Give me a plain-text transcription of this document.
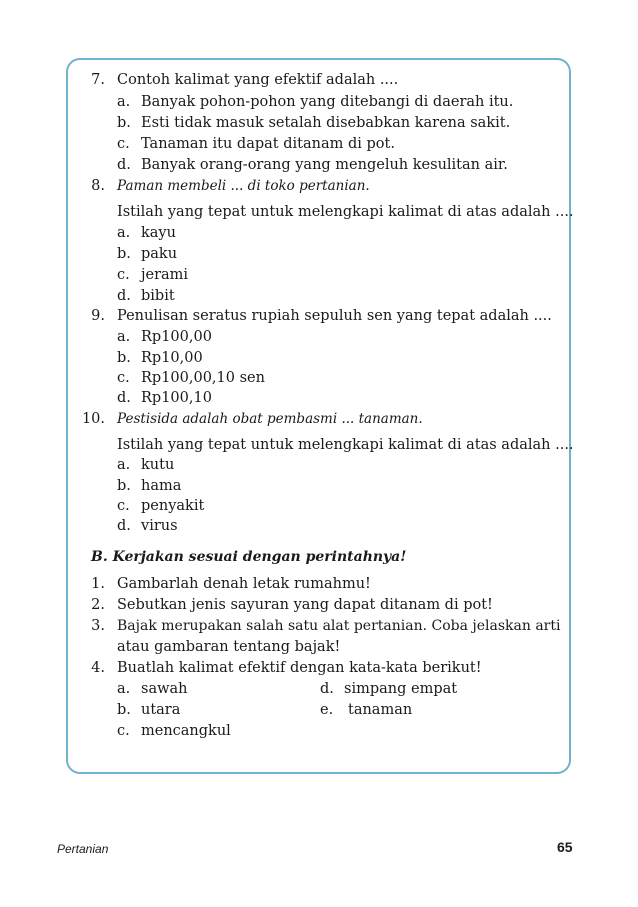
7. Contoh kalimat yang efektif adalah ....
a. Banyak pohon-pohon yang ditebangi di daerah itu.
b. Esti tidak masuk setalah disebabkan karena sakit.
c. Tanaman itu dapat ditanam di pot.
d. Banyak orang-orang yang mengeluh kesulitan air.
8. Paman membeli ... di toko pertanian.
Istilah yang tepat untuk melengkapi kalimat di atas adalah ....
a. kayu
b. paku
c. jerami
d. bibit
9. Penulisan seratus rupiah sepuluh sen yang tepat adalah ....
a. Rp100,00
b. Rp10,00
c. Rp100,00,10 sen
d. Rp100,10
10. Pestisida adalah obat pembasmi ... tanaman.
Istilah yang tepat untuk melengkapi kalimat di atas adalah ....
a. kutu
b. hama
c. penyakit
d. virus
B. Kerjakan sesuai dengan perintahnya!
1. Gambarlah denah letak rumahmu!
2. Sebutkan jenis sayuran yang dapat ditanam di pot!
3. Bajak merupakan salah satu alat pertanian. Coba jelaskan arti
atau gambaran tentang bajak!
4. Buatlah kalimat efektif dengan kata-kata berikut!
a. sawah
b. utara
c. mencangkul
d. simpang empat
e. tanaman
Pertanian	65
